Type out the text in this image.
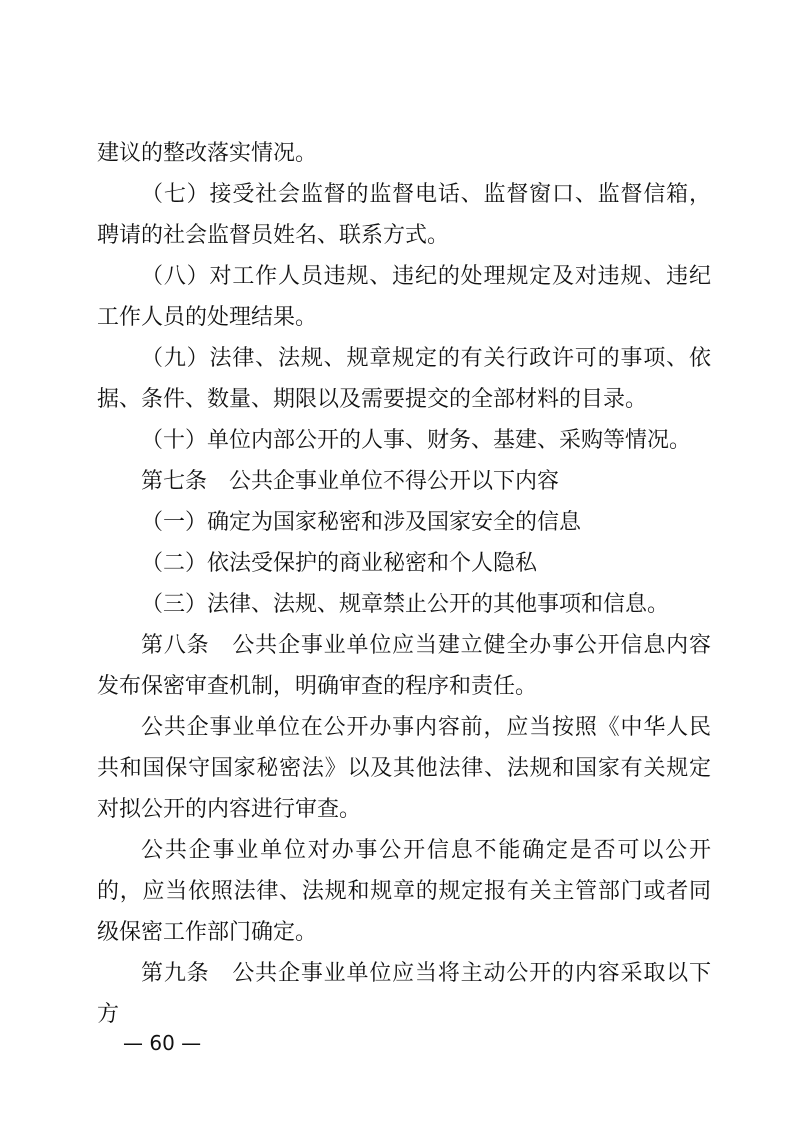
建议的整改落实情况。

（七）接受社会监督的监督电话、监督窗口、监督信箱，聘请的社会监督员姓名、联系方式。

（八）对工作人员违规、违纪的处理规定及对违规、违纪工作人员的处理结果。

（九）法律、法规、规章规定的有关行政许可的事项、依据、条件、数量、期限以及需要提交的全部材料的目录。

（十）单位内部公开的人事、财务、基建、采购等情况。

第七条　公共企事业单位不得公开以下内容

（一）确定为国家秘密和涉及国家安全的信息

（二）依法受保护的商业秘密和个人隐私

（三）法律、法规、规章禁止公开的其他事项和信息。

第八条　公共企事业单位应当建立健全办事公开信息内容发布保密审查机制，明确审查的程序和责任。

公共企事业单位在公开办事内容前，应当按照《中华人民共和国保守国家秘密法》以及其他法律、法规和国家有关规定对拟公开的内容进行审查。

公共企事业单位对办事公开信息不能确定是否可以公开的，应当依照法律、法规和规章的规定报有关主管部门或者同级保密工作部门确定。

第九条　公共企事业单位应当将主动公开的内容采取以下方

— 60 —
